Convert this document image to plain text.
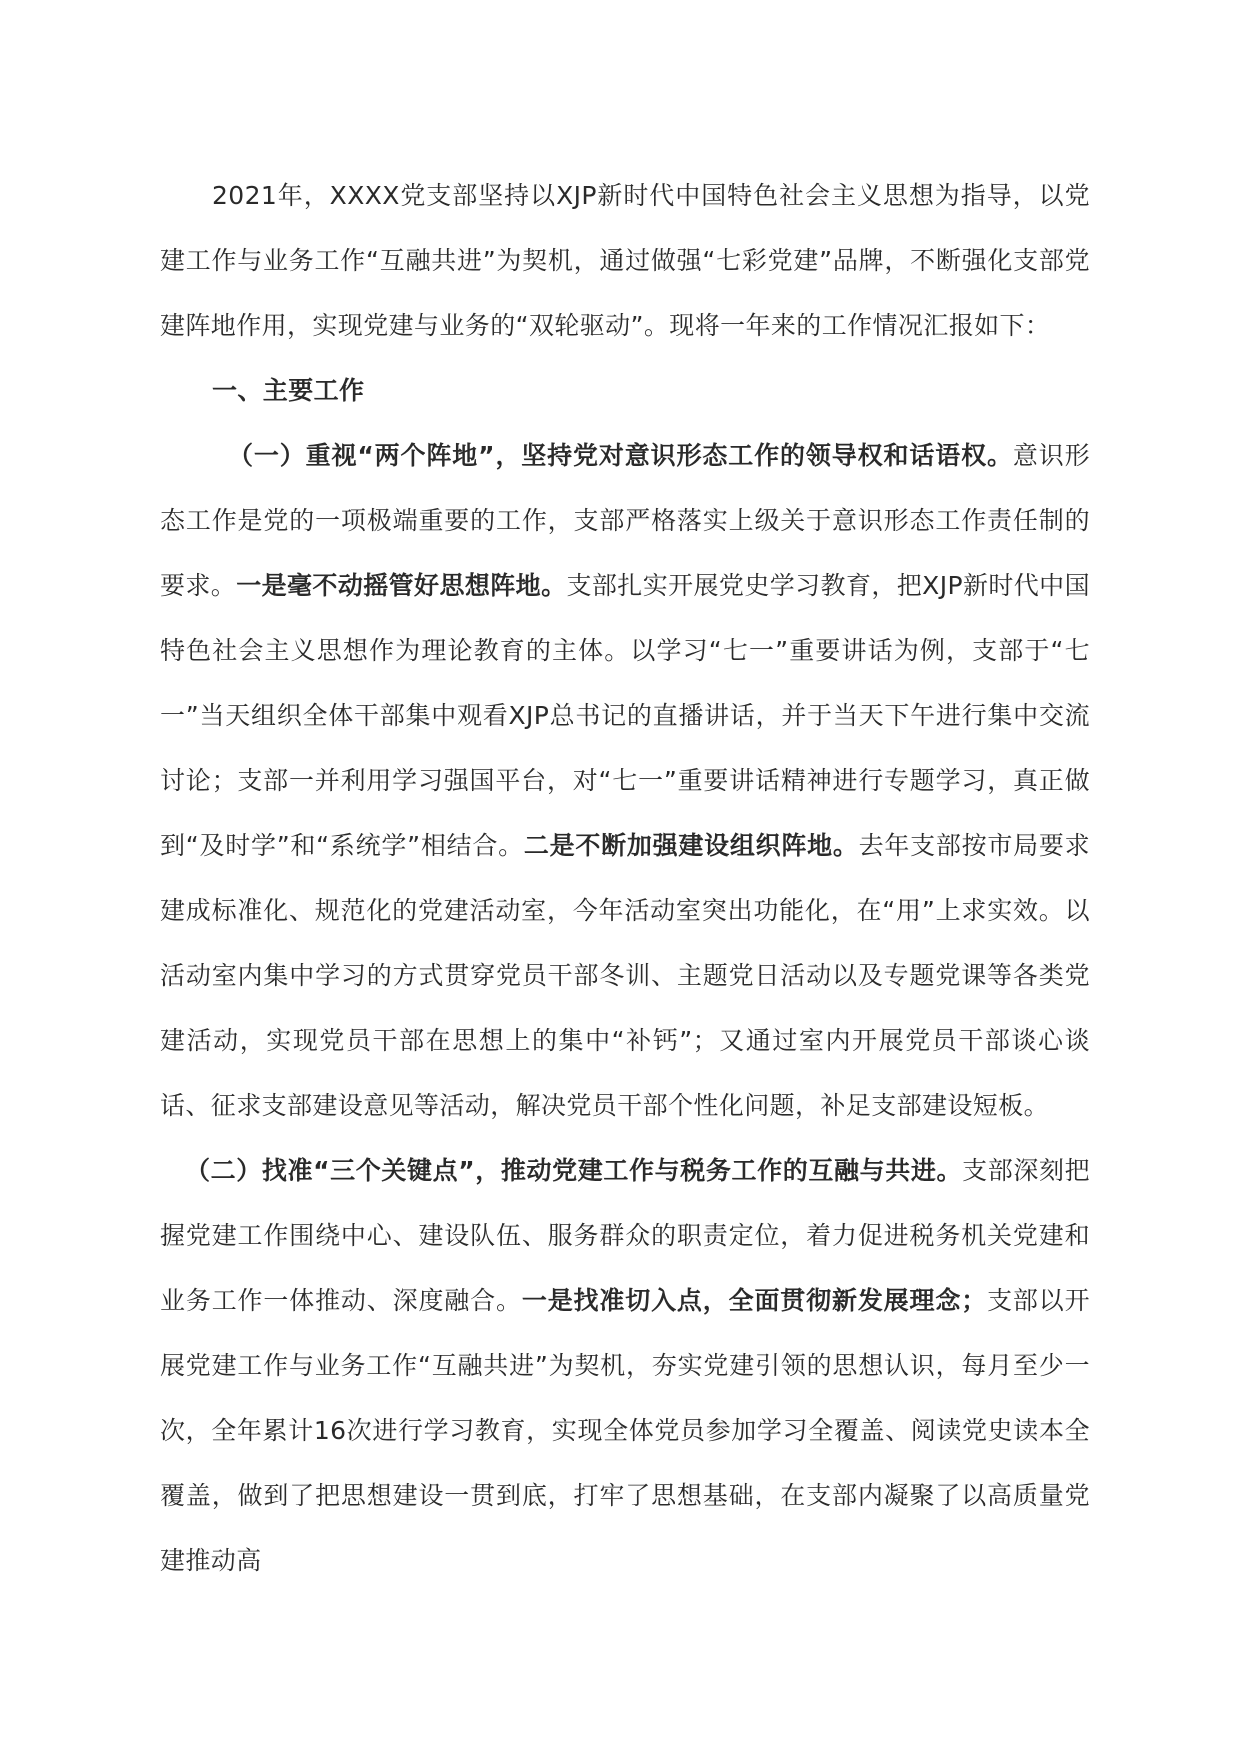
2021年，XXXX党支部坚持以XJP新时代中国特色社会主义思想为指导，以党建工作与业务工作“互融共进”为契机，通过做强“七彩党建”品牌，不断强化支部党建阵地作用，实现党建与业务的“双轮驱动”。现将一年来的工作情况汇报如下：

一、主要工作

（一）重视“两个阵地”，坚持党对意识形态工作的领导权和话语权。意识形态工作是党的一项极端重要的工作，支部严格落实上级关于意识形态工作责任制的要求。一是毫不动摇管好思想阵地。支部扎实开展党史学习教育，把XJP新时代中国特色社会主义思想作为理论教育的主体。以学习“七一”重要讲话为例，支部于“七一”当天组织全体干部集中观看XJP总书记的直播讲话，并于当天下午进行集中交流讨论；支部一并利用学习强国平台，对“七一”重要讲话精神进行专题学习，真正做到“及时学”和“系统学”相结合。二是不断加强建设组织阵地。去年支部按市局要求建成标准化、规范化的党建活动室，今年活动室突出功能化，在“用”上求实效。以活动室内集中学习的方式贯穿党员干部冬训、主题党日活动以及专题党课等各类党建活动，实现党员干部在思想上的集中“补钙”；又通过室内开展党员干部谈心谈话、征求支部建设意见等活动，解决党员干部个性化问题，补足支部建设短板。

（二）找准“三个关键点”，推动党建工作与税务工作的互融与共进。支部深刻把握党建工作围绕中心、建设队伍、服务群众的职责定位，着力促进税务机关党建和业务工作一体推动、深度融合。一是找准切入点，全面贯彻新发展理念；支部以开展党建工作与业务工作“互融共进”为契机，夯实党建引领的思想认识，每月至少一次，全年累计16次进行学习教育，实现全体党员参加学习全覆盖、阅读党史读本全覆盖，做到了把思想建设一贯到底，打牢了思想基础，在支部内凝聚了以高质量党建推动高
